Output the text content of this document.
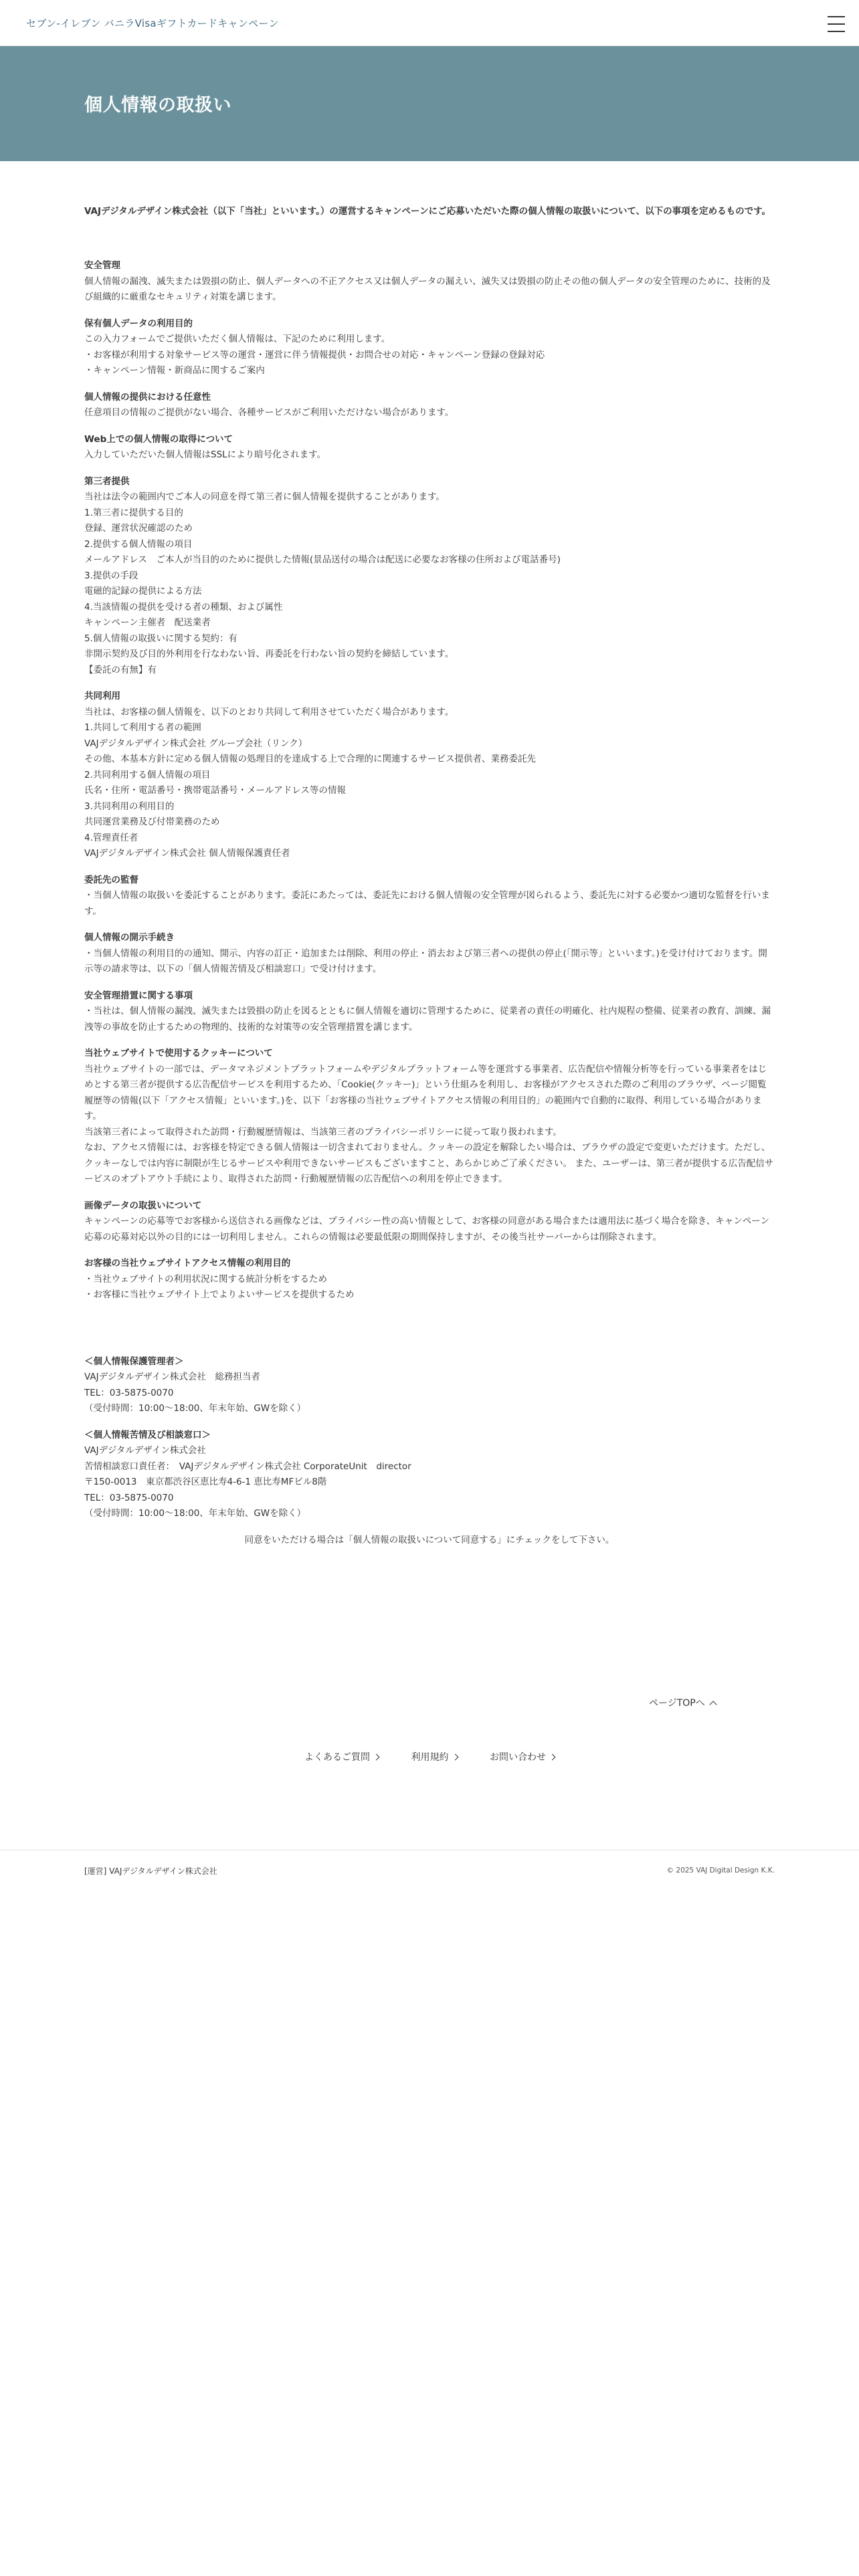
セブン-イレブン バニラVisaギフトカードキャンペーン
個人情報の取扱い

VAJデジタルデザイン株式会社（以下「当社」といいます。）の運営するキャンペーンにご応募いただいた際の個人情報の取扱いについて、以下の事項を定めるものです。

安全管理

個人情報の漏洩、滅失または毀損の防止、個人データへの不正アクセス又は個人データの漏えい、滅失又は毀損の防止その他の個人データの安全管理のために、技術的及び組織的に厳重なセキュリティ対策を講じます。

保有個人データの利用目的

この入力フォームでご提供いただく個人情報は、下記のために利用します。
・お客様が利用する対象サービス等の運営・運営に伴う情報提供・お問合せの対応・キャンペーン登録の登録対応
・キャンペーン情報・新商品に関するご案内

個人情報の提供における任意性

任意項目の情報のご提供がない場合、各種サービスがご利用いただけない場合があります。

Web上での個人情報の取得について

入力していただいた個人情報はSSLにより暗号化されます。

第三者提供

当社は法令の範囲内でご本人の同意を得て第三者に個人情報を提供することがあります。
1.第三者に提供する目的
登録、運営状況確認のため
2.提供する個人情報の項目
メールアドレス　ご本人が当目的のために提供した情報(景品送付の場合は配送に必要なお客様の住所および電話番号)
3.提供の手段
電磁的記録の提供による方法
4.当該情報の提供を受ける者の種類、および属性
キャンペーン主催者　配送業者
5.個人情報の取扱いに関する契約：有
非開示契約及び目的外利用を行なわない旨、再委託を行わない旨の契約を締結しています。
【委託の有無】有

共同利用

当社は、お客様の個人情報を、以下のとおり共同して利用させていただく場合があります。
1.共同して利用する者の範囲
VAJデジタルデザイン株式会社 グループ会社（リンク）
その他、本基本方針に定める個人情報の処理目的を達成する上で合理的に関連するサービス提供者、業務委託先
2.共同利用する個人情報の項目
氏名・住所・電話番号・携帯電話番号・メールアドレス等の情報
3.共同利用の利用目的
共同運営業務及び付帯業務のため
4.管理責任者
VAJデジタルデザイン株式会社 個人情報保護責任者

委託先の監督

・当個人情報の取扱いを委託することがあります。委託にあたっては、委託先における個人情報の安全管理が図られるよう、委託先に対する必要かつ適切な監督を行います。

個人情報の開示手続き

・当個人情報の利用目的の通知、開示、内容の訂正・追加または削除、利用の停止・消去および第三者への提供の停止(「開示等」といいます。)を受け付けております。開示等の請求等は、以下の「個人情報苦情及び相談窓口」で受け付けます。

安全管理措置に関する事項

・当社は、個人情報の漏洩、滅失または毀損の防止を図るとともに個人情報を適切に管理するために、従業者の責任の明確化、社内規程の整備、従業者の教育、訓練、漏洩等の事故を防止するための物理的、技術的な対策等の安全管理措置を講じます。

当社ウェブサイトで使用するクッキーについて

当社ウェブサイトの一部では、データマネジメントプラットフォームやデジタルプラットフォーム等を運営する事業者、広告配信や情報分析等を行っている事業者をはじめとする第三者が提供する広告配信サービスを利用するため、「Cookie(クッキー)」という仕組みを利用し、お客様がアクセスされた際のご利用のブラウザ、ページ閲覧履歴等の情報(以下「アクセス情報」といいます。)を、以下「お客様の当社ウェブサイトアクセス情報の利用目的」の範囲内で自動的に取得、利用している場合があります。
当該第三者によって取得された訪問・行動履歴情報は、当該第三者のプライバシーポリシーに従って取り扱われます。
なお、アクセス情報には、お客様を特定できる個人情報は一切含まれておりません。クッキーの設定を解除したい場合は、ブラウザの設定で変更いただけます。ただし、クッキーなしでは内容に制限が生じるサービスや利用できないサービスもございますこと、あらかじめご了承ください。 また、ユーザーは、第三者が提供する広告配信サービスのオプトアウト手続により、取得された訪問・行動履歴情報の広告配信への利用を停止できます。

画像データの取扱いについて

キャンペーンの応募等でお客様から送信される画像などは、プライバシー性の高い情報として、お客様の同意がある場合または適用法に基づく場合を除き、キャンペーン応募の応募対応以外の目的には一切利用しません。これらの情報は必要最低限の期間保持しますが、その後当社サーバーからは削除されます。

お客様の当社ウェブサイトアクセス情報の利用目的

・当社ウェブサイトの利用状況に関する統計分析をするため
・お客様に当社ウェブサイト上でよりよいサービスを提供するため

＜個人情報保護管理者＞

VAJデジタルデザイン株式会社　総務担当者
TEL：03-5875-0070
（受付時間：10:00〜18:00、年末年始、GWを除く）

＜個人情報苦情及び相談窓口＞

VAJデジタルデザイン株式会社
苦情相談窓口責任者：　VAJデジタルデザイン株式会社 CorporateUnit　director
〒150-0013　東京都渋谷区恵比寿4-6-1 恵比寿MFビル8階
TEL：03-5875-0070
（受付時間：10:00〜18:00、年末年始、GWを除く）

同意をいただける場合は「個人情報の取扱いについて同意する」にチェックをして下さい。

ページTOPへ
よくあるご質問	利用規約	お問い合わせ
[運営] VAJデジタルデザイン株式会社	© 2025 VAJ Digital Design K.K.
